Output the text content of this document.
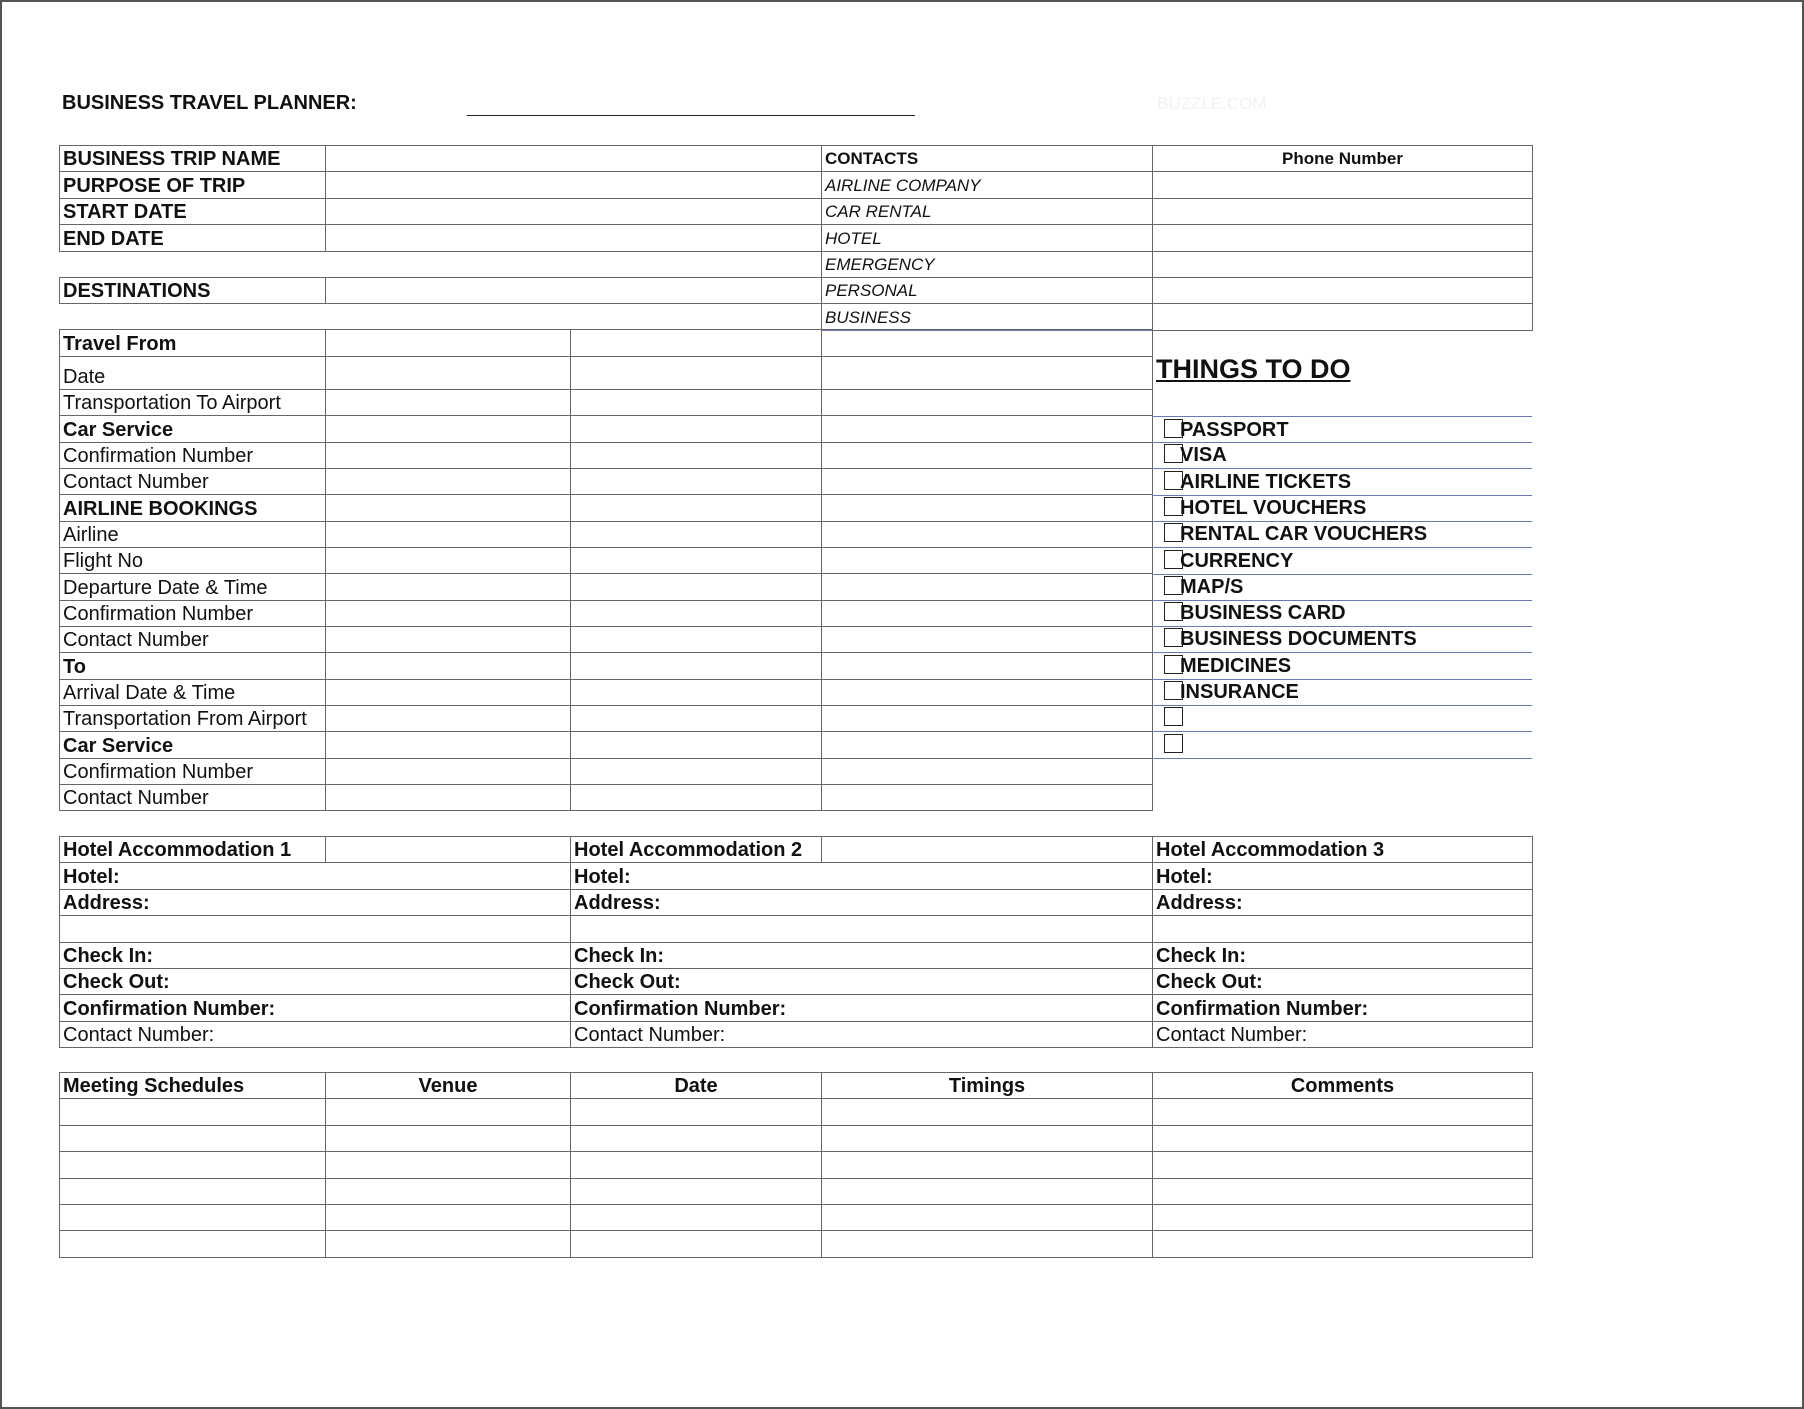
BUSINESS TRAVEL PLANNER:	BUZZLE.COM
THINGS TO DO
BUSINESS TRIP NAME
PURPOSE OF TRIP
START DATE
END DATE
DESTINATIONS
CONTACTS	Phone Number
AIRLINE COMPANY
CAR RENTAL
HOTEL
EMERGENCY
PERSONAL
BUSINESS
Travel From
Date
Transportation To Airport
Car Service
Confirmation Number
Contact Number
AIRLINE BOOKINGS
Airline
Flight No
Departure Date & Time
Confirmation Number
Contact Number
To
Arrival Date & Time
Transportation From Airport
Car Service
Confirmation Number
Contact Number
PASSPORT
VISA
AIRLINE TICKETS
HOTEL VOUCHERS
RENTAL CAR VOUCHERS
CURRENCY
MAP/S
BUSINESS CARD
BUSINESS DOCUMENTS
MEDICINES
INSURANCE
Hotel Accommodation 1	Hotel Accommodation 2	Hotel Accommodation 3
Hotel:	Hotel:	Hotel:
Address:	Address:	Address:
Check In:	Check In:	Check In:
Check Out:	Check Out:	Check Out:
Confirmation Number:	Confirmation Number:	Confirmation Number:
Contact Number:	Contact Number:	Contact Number:
Meeting Schedules	Venue	Date	Timings	Comments
